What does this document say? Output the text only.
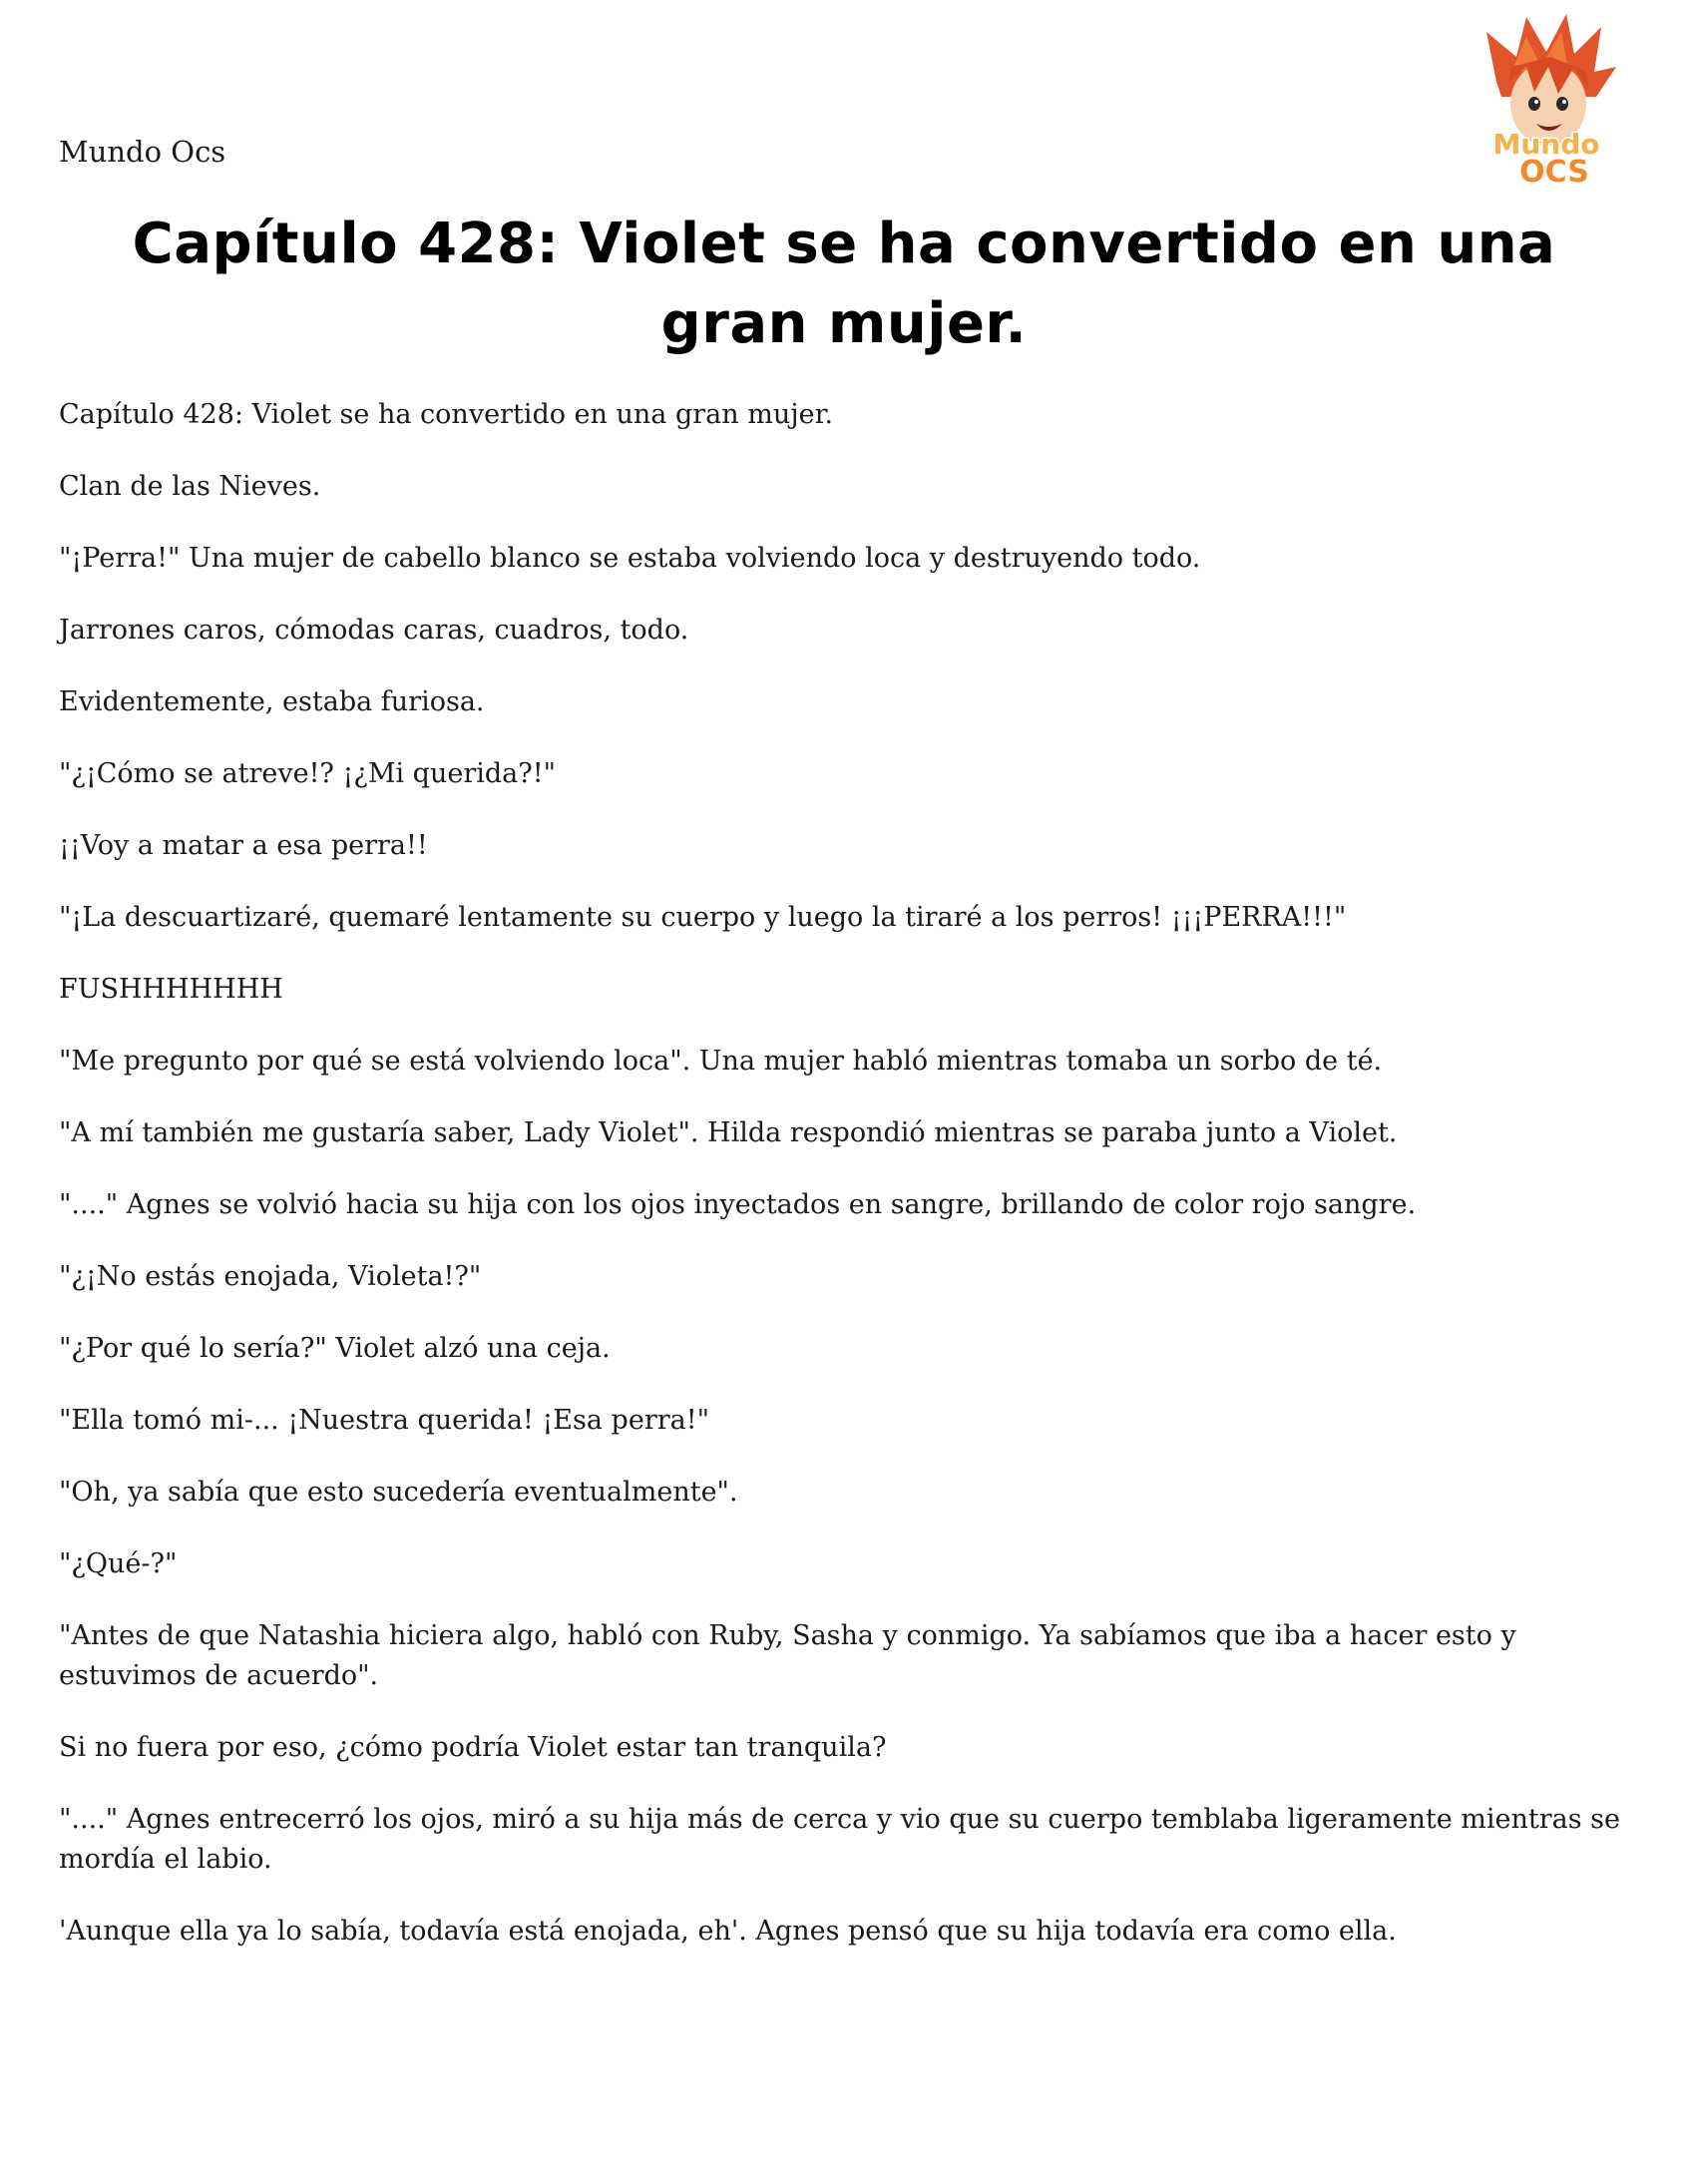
Mundo Ocs	Mundo
OCS
Capítulo 428: Violet se ha convertido en una gran mujer.

Capítulo 428: Violet se ha convertido en una gran mujer.

Clan de las Nieves.

"¡Perra!" Una mujer de cabello blanco se estaba volviendo loca y destruyendo todo.

Jarrones caros, cómodas caras, cuadros, todo.

Evidentemente, estaba furiosa.

"¿¡Cómo se atreve!? ¡¿Mi querida?!"

¡¡Voy a matar a esa perra!!

"¡La descuartizaré, quemaré lentamente su cuerpo y luego la tiraré a los perros! ¡¡¡PERRA!!!"

FUSHHHHHHH

"Me pregunto por qué se está volviendo loca". Una mujer habló mientras tomaba un sorbo de té.

"A mí también me gustaría saber, Lady Violet". Hilda respondió mientras se paraba junto a Violet.

"...." Agnes se volvió hacia su hija con los ojos inyectados en sangre, brillando de color rojo sangre.

"¿¡No estás enojada, Violeta!?"

"¿Por qué lo sería?" Violet alzó una ceja.

"Ella tomó mi-... ¡Nuestra querida! ¡Esa perra!"

"Oh, ya sabía que esto sucedería eventualmente".

"¿Qué-?"

"Antes de que Natashia hiciera algo, habló con Ruby, Sasha y conmigo. Ya sabíamos que iba a hacer esto y estuvimos de acuerdo".

Si no fuera por eso, ¿cómo podría Violet estar tan tranquila?

"...." Agnes entrecerró los ojos, miró a su hija más de cerca y vio que su cuerpo temblaba ligeramente mientras se mordía el labio.

'Aunque ella ya lo sabía, todavía está enojada, eh'. Agnes pensó que su hija todavía era como ella.
